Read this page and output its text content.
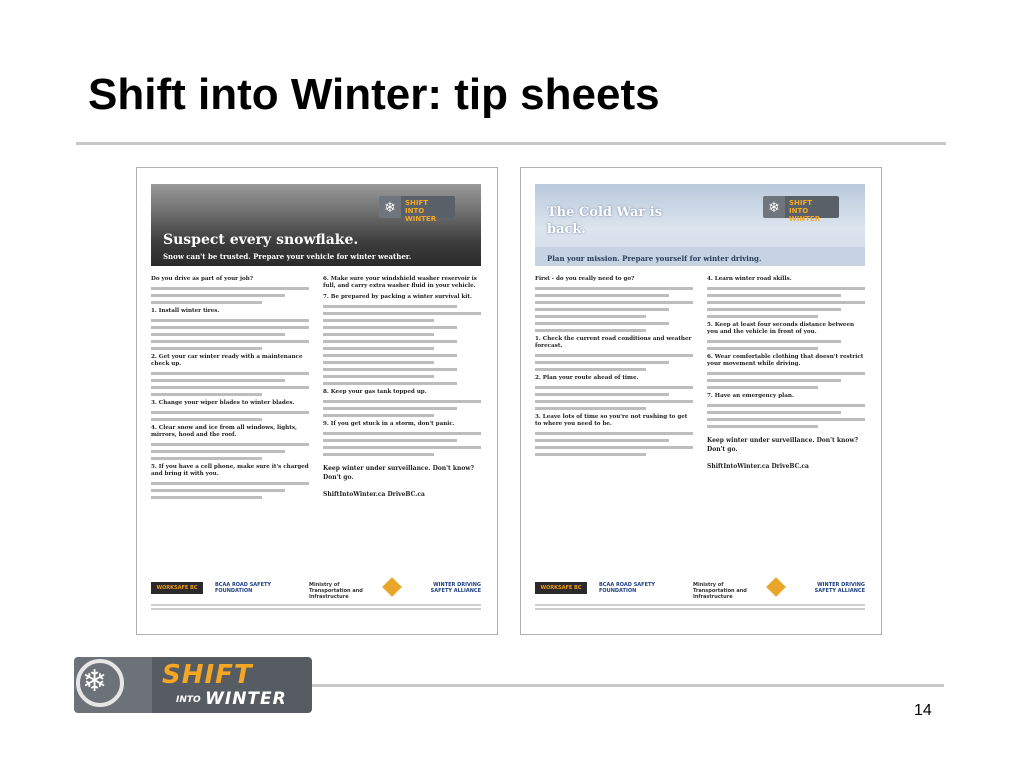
Shift into Winter: tip sheets
❄	SHIFT
INTO WINTER
Suspect every snowflake.
Snow can't be trusted. Prepare your vehicle for winter weather.

Do you drive as part of your job?

1. Install winter tires.

2. Get your car winter ready with a maintenance check up.

3. Change your wiper blades to winter blades.

4. Clear snow and ice from all windows, lights, mirrors, hood and the roof.

5. If you have a cell phone, make sure it's charged and bring it with you.

6. Make sure your windshield washer reservoir is full, and carry extra washer fluid in your vehicle.

7. Be prepared by packing a winter survival kit.

8. Keep your gas tank topped up.

9. If you get stuck in a storm, don't panic.

Keep winter under surveillance. Don't know? Don't go.

ShiftIntoWinter.ca DriveBC.ca

WORKSAFE BC	BCAA ROAD SAFETY FOUNDATION
Ministry of Transportation and Infrastructure
WINTER DRIVING SAFETY ALLIANCE
❄	SHIFT
INTO WINTER
The Cold War is back.
Plan your mission. Prepare yourself for winter driving.

First - do you really need to go?

1. Check the current road conditions and weather forecast.

2. Plan your route ahead of time.

3. Leave lots of time so you're not rushing to get to where you need to be.

4. Learn winter road skills.

5. Keep at least four seconds distance between you and the vehicle in front of you.

6. Wear comfortable clothing that doesn't restrict your movement while driving.

7. Have an emergency plan.

Keep winter under surveillance. Don't know? Don't go.

ShiftIntoWinter.ca DriveBC.ca

WORKSAFE BC	BCAA ROAD SAFETY FOUNDATION
Ministry of Transportation and Infrastructure
WINTER DRIVING SAFETY ALLIANCE
❄ SHIFT
INTO WINTER
14
